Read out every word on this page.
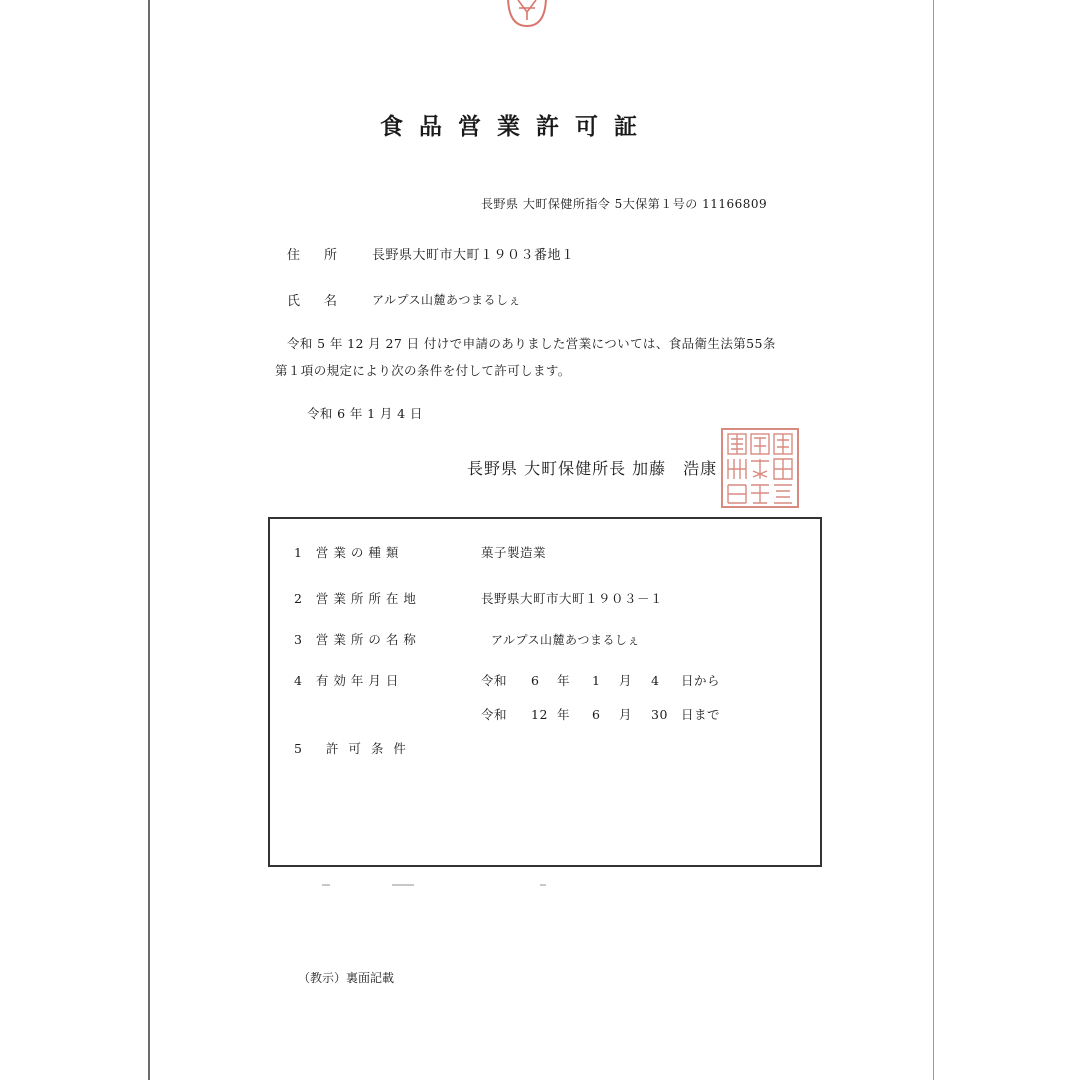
食品営業許可証
長野県 大町保健所指令 5大保第１号の 11166809
住所 長野県大町市大町１９０３番地１
氏名 アルプス山麓あつまるしぇ
令和 5 年 12 月 27 日 付けで申請のありました営業については、食品衛生法第55条
第１項の規定により次の条件を付して許可します。
令和 6 年 1 月 4 日
長野県 大町保健所長 加藤　浩康
1 営業の種類	菓子製造業
2 営業所所在地	長野県大町市大町１９０３－１
3 営業所の名称	アルプス山麓あつまるしぇ
4 有効年月日	令和 6 年 1 月 4 日から
令和 12 年 6 月 30 日まで
5 許可条件
（教示）裏面記載
